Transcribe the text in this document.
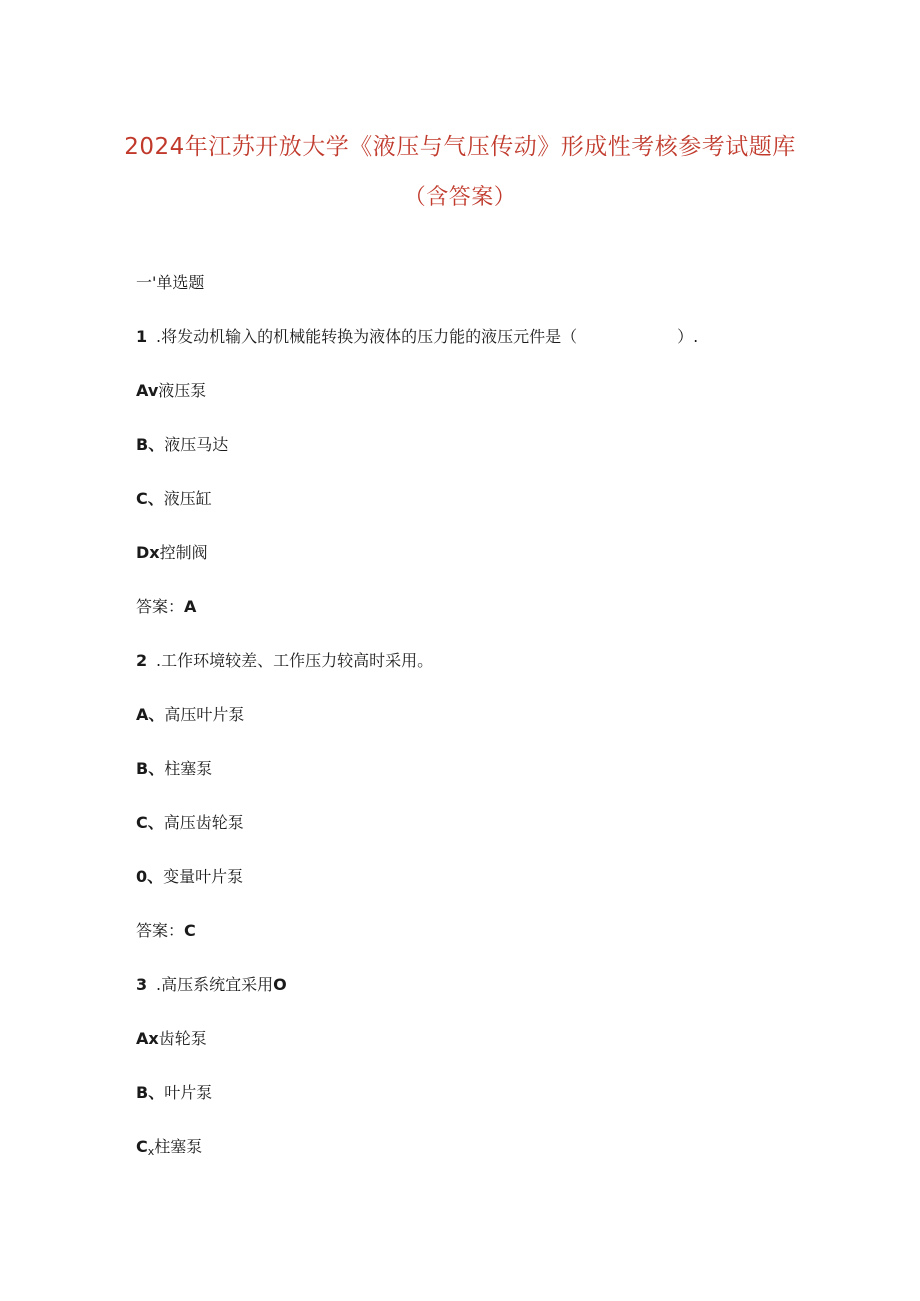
2024年江苏开放大学《液压与气压传动》形成性考核参考试题库
（含答案）
一'单选题
1 .将发动机输入的机械能转换为液体的压力能的液压元件是（	）.
Av液压泵
B、液压马达
C、液压缸
Dx控制阀
答案：A
2 .工作环境较差、工作压力较高时采用。
A、高压叶片泵
B、柱塞泵
C、高压齿轮泵
0、变量叶片泵
答案：C
3 .高压系统宜采用O
Ax齿轮泵
B、叶片泵
$C_x$柱塞泵
